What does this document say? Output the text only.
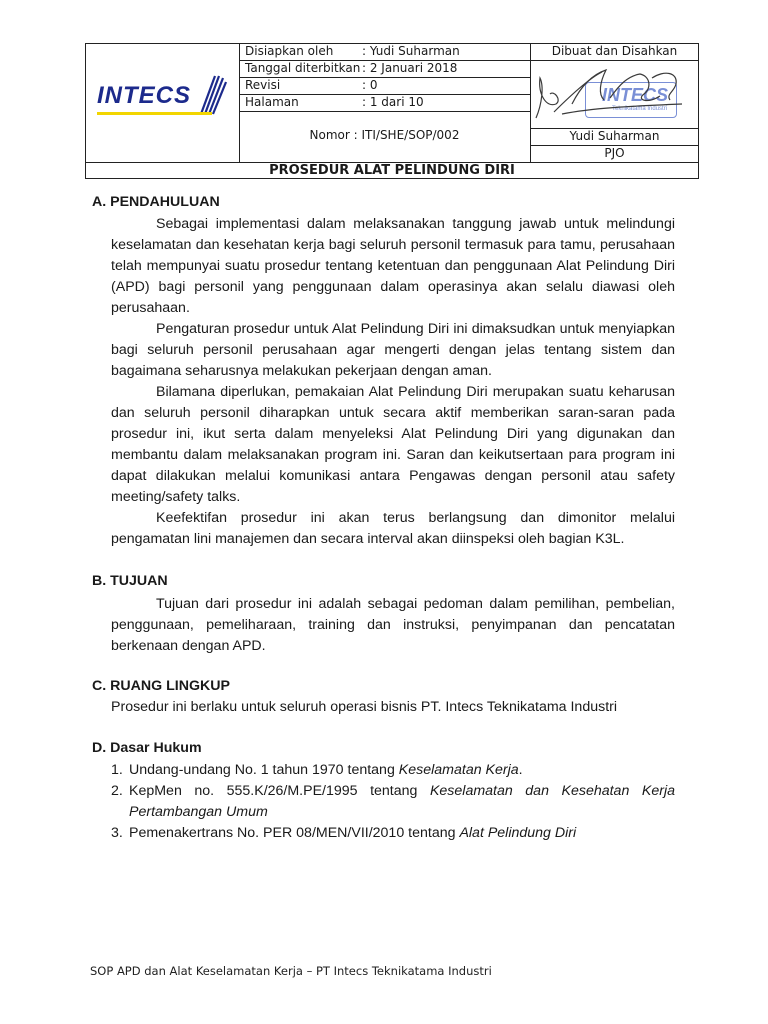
INTECS
Disiapkan oleh : Yudi Suharman
Tanggal diterbitkan : 2 Januari 2018
Revisi	: 0
Halaman	: 1 dari 10
Nomor : ITI/SHE/SOP/002
Dibuat dan Disahkan
INTECS
Teknikatama Industri
Yudi Suharman
PJO
PROSEDUR ALAT PELINDUNG DIRI
A. PENDAHULUAN
Sebagai implementasi dalam melaksanakan tanggung jawab untuk melindungi keselamatan dan kesehatan kerja bagi seluruh personil termasuk para tamu, perusahaan telah mempunyai suatu prosedur tentang ketentuan dan penggunaan Alat Pelindung Diri (APD) bagi personil yang penggunaan dalam operasinya akan selalu diawasi oleh perusahaan.
Pengaturan prosedur untuk Alat Pelindung Diri ini dimaksudkan untuk menyiapkan bagi seluruh personil perusahaan agar mengerti dengan jelas tentang sistem dan bagaimana seharusnya melakukan pekerjaan dengan aman.
Bilamana diperlukan, pemakaian Alat Pelindung Diri merupakan suatu keharusan dan seluruh personil diharapkan untuk secara aktif memberikan saran-saran pada prosedur ini, ikut serta dalam menyeleksi Alat Pelindung Diri yang digunakan dan membantu dalam melaksanakan program ini. Saran dan keikutsertaan para program ini dapat dilakukan melalui komunikasi antara Pengawas dengan personil atau safety meeting/safety talks.
Keefektifan prosedur ini akan terus berlangsung dan dimonitor melalui pengamatan lini manajemen dan secara interval akan diinspeksi oleh bagian K3L.
B. TUJUAN
Tujuan dari prosedur ini adalah sebagai pedoman dalam pemilihan, pembelian, penggunaan, pemeliharaan, training dan instruksi, penyimpanan dan pencatatan berkenaan dengan APD.
C. RUANG LINGKUP
Prosedur ini berlaku untuk seluruh operasi bisnis PT. Intecs Teknikatama Industri
D. Dasar Hukum
1. Undang-undang No. 1 tahun 1970 tentang Keselamatan Kerja.
2. KepMen no. 555.K/26/M.PE/1995 tentang Keselamatan dan Kesehatan Kerja Pertambangan Umum
3. Pemenakertrans No. PER 08/MEN/VII/2010 tentang Alat Pelindung Diri
SOP APD dan Alat Keselamatan Kerja – PT Intecs Teknikatama Industri
